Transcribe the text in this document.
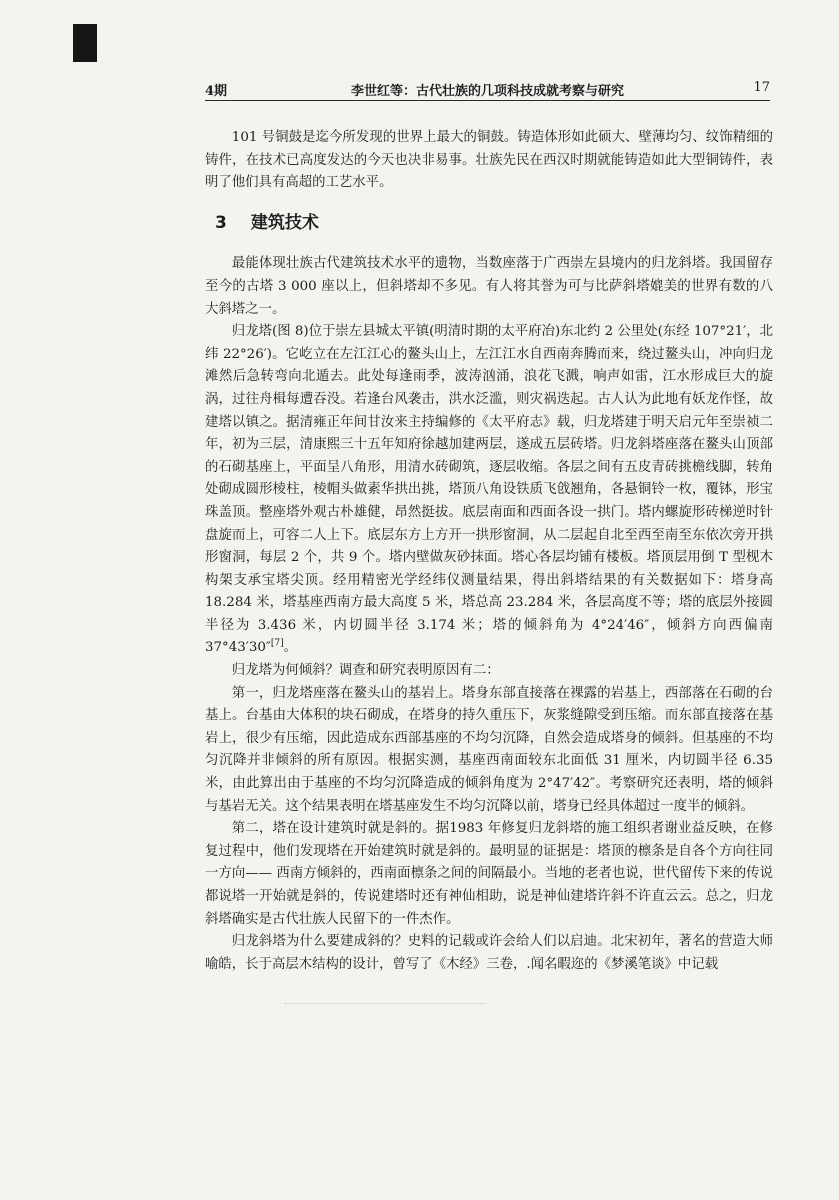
4期	李世红等：古代壮族的几项科技成就考察与研究	17

101 号铜鼓是迄今所发现的世界上最大的铜鼓。铸造体形如此硕大、壁薄均匀、纹饰精细的铸件，在技术已高度发达的今天也决非易事。壮族先民在西汉时期就能铸造如此大型铜铸件，表明了他们具有高超的工艺水平。

3 建筑技术

最能体现壮族古代建筑技术水平的遗物，当数座落于广西崇左县境内的归龙斜塔。我国留存至今的古塔 3 000 座以上，但斜塔却不多见。有人将其誉为可与比萨斜塔媲美的世界有数的八大斜塔之一。

归龙塔(图 8)位于崇左县城太平镇(明清时期的太平府冶)东北约 2 公里处(东经 107°21′，北纬 22°26′)。它屹立在左江江心的鳌头山上，左江江水自西南奔腾而来，绕过鳌头山，冲向归龙滩然后急转弯向北遁去。此处每逢雨季，波涛汹涌，浪花飞溅，响声如雷，江水形成巨大的旋涡，过往舟楫每遭吞没。若逢台风袭击，洪水泛滥，则灾祸迭起。古人认为此地有妖龙作怪，故建塔以镇之。据清雍正年间甘汝来主持编修的《太平府志》载，归龙塔建于明天启元年至崇祯二年，初为三层，清康熙三十五年知府徐越加建两层，遂成五层砖塔。归龙斜塔座落在鳌头山顶部的石砌基座上，平面呈八角形，用清水砖砌筑，逐层收缩。各层之间有五皮青砖挑檐线脚，转角处砌成圆形棱柱，棱帽头做素华拱出挑，塔顶八角设铁质飞戗翘角，各悬铜铃一枚，覆钵，形宝珠盖顶。整座塔外观古朴雄健，昂然挺拔。底层南面和西面各设一拱门。塔内螺旋形砖梯逆时针盘旋而上，可容二人上下。底层东方上方开一拱形窗洞，从二层起自北至西至南至东依次旁开拱形窗洞，每层 2 个，共 9 个。塔内壁做灰砂抹面。塔心各层均铺有楼板。塔顶层用倒 T 型枧木构架支承宝塔尖顶。经用精密光学经纬仪测量结果，得出斜塔结果的有关数据如下：塔身高 18.284 米，塔基座西南方最大高度 5 米，塔总高 23.284 米，各层高度不等；塔的底层外接圆半径为 3.436 米，内切圆半径 3.174 米；塔的倾斜角为 4°24′46″，倾斜方向西偏南 37°43′30″[7]。

归龙塔为何倾斜？调查和研究表明原因有二：

第一，归龙塔座落在鳌头山的基岩上。塔身东部直接落在裸露的岩基上，西部落在石砌的台基上。台基由大体积的块石砌成，在塔身的持久重压下，灰浆缝隙受到压缩。而东部直接落在基岩上，很少有压缩，因此造成东西部基座的不均匀沉降，自然会造成塔身的倾斜。但基座的不均匀沉降并非倾斜的所有原因。根据实测，基座西南面较东北面低 31 厘米，内切圆半径 6.35 米，由此算出由于基座的不均匀沉降造成的倾斜角度为 2°47′42″。考察研究还表明，塔的倾斜与基岩无关。这个结果表明在塔基座发生不均匀沉降以前，塔身已经具体超过一度半的倾斜。

第二，塔在设计建筑时就是斜的。据1983 年修复归龙斜塔的施工组织者谢业益反映，在修复过程中，他们发现塔在开始建筑时就是斜的。最明显的证据是：塔顶的檩条是自各个方向往同一方向—— 西南方倾斜的，西南面檩条之间的间隔最小。当地的老者也说，世代留传下来的传说都说塔一开始就是斜的，传说建塔时还有神仙相助，说是神仙建塔许斜不许直云云。总之，归龙斜塔确实是古代壮族人民留下的一件杰作。

归龙斜塔为什么要建成斜的？史料的记载或许会给人们以启迪。北宋初年，著名的营造大师喻皓，长于高层木结构的设计，曾写了《木经》三卷，.闻名暇迩的《梦溪笔谈》中记载
